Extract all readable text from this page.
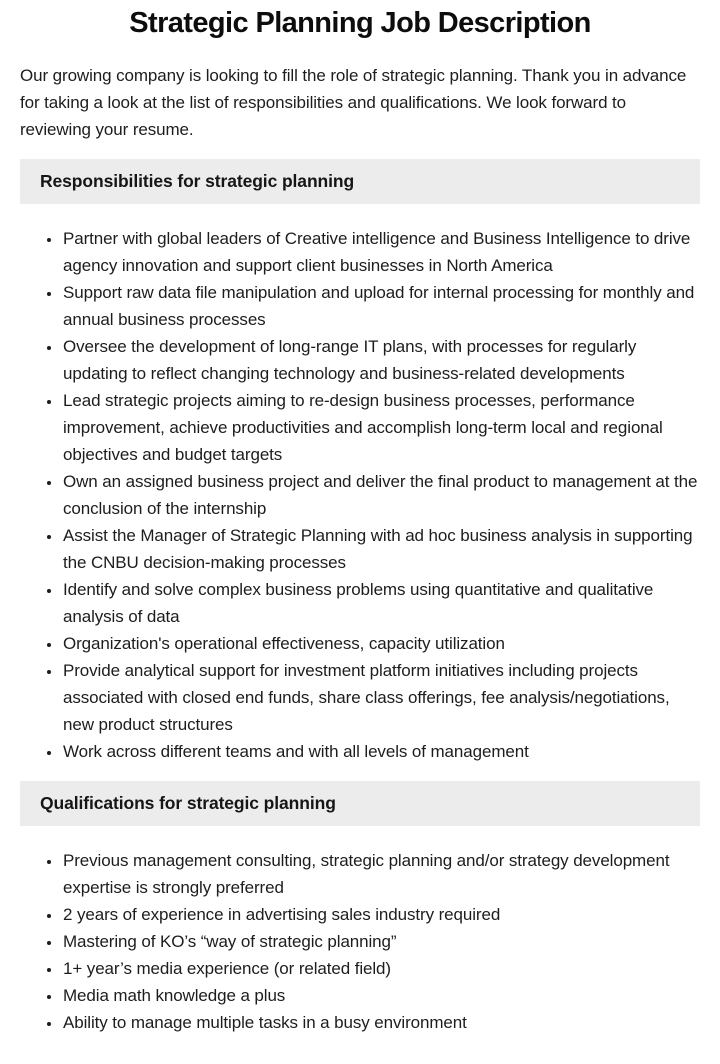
Strategic Planning Job Description

Our growing company is looking to fill the role of strategic planning. Thank you in advance for taking a look at the list of responsibilities and qualifications. We look forward to reviewing your resume.

Responsibilities for strategic planning
• Partner with global leaders of Creative intelligence and Business Intelligence to drive agency innovation and support client businesses in North America
• Support raw data file manipulation and upload for internal processing for monthly and annual business processes
• Oversee the development of long-range IT plans, with processes for regularly updating to reflect changing technology and business-related developments
• Lead strategic projects aiming to re-design business processes, performance improvement, achieve productivities and accomplish long-term local and regional objectives and budget targets
• Own an assigned business project and deliver the final product to management at the conclusion of the internship
• Assist the Manager of Strategic Planning with ad hoc business analysis in supporting the CNBU decision-making processes
• Identify and solve complex business problems using quantitative and qualitative analysis of data
• Organization's operational effectiveness, capacity utilization
• Provide analytical support for investment platform initiatives including projects associated with closed end funds, share class offerings, fee analysis/negotiations, new product structures
• Work across different teams and with all levels of management
Qualifications for strategic planning
• Previous management consulting, strategic planning and/or strategy development expertise is strongly preferred
• 2 years of experience in advertising sales industry required
• Mastering of KO’s “way of strategic planning”
• 1+ year’s media experience (or related field)
• Media math knowledge a plus
• Ability to manage multiple tasks in a busy environment
